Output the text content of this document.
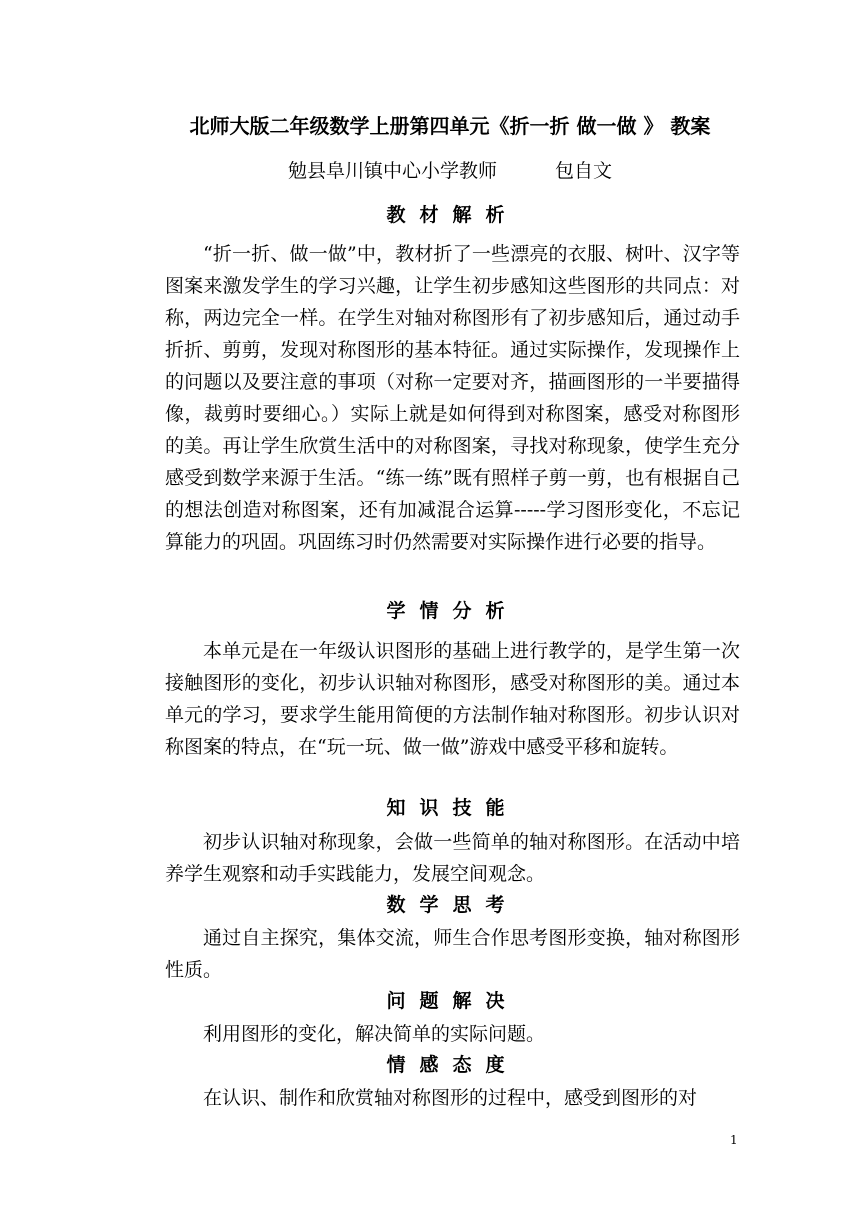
北师大版二年级数学上册第四单元《折一折 做一做 》 教案
勉县阜川镇中心小学教师	包自文
教材解析

“折一折、做一做”中，教材折了一些漂亮的衣服、树叶、汉字等图案来激发学生的学习兴趣，让学生初步感知这些图形的共同点：对称，两边完全一样。在学生对轴对称图形有了初步感知后，通过动手折折、剪剪，发现对称图形的基本特征。通过实际操作，发现操作上的问题以及要注意的事项（对称一定要对齐，描画图形的一半要描得像，裁剪时要细心。）实际上就是如何得到对称图案，感受对称图形的美。再让学生欣赏生活中的对称图案，寻找对称现象，使学生充分感受到数学来源于生活。“练一练”既有照样子剪一剪，也有根据自己的想法创造对称图案，还有加减混合运算-----学习图形变化，不忘记算能力的巩固。巩固练习时仍然需要对实际操作进行必要的指导。

学情分析

本单元是在一年级认识图形的基础上进行教学的，是学生第一次接触图形的变化，初步认识轴对称图形，感受对称图形的美。通过本单元的学习，要求学生能用简便的方法制作轴对称图形。初步认识对称图案的特点，在“玩一玩、做一做”游戏中感受平移和旋转。

知识技能

初步认识轴对称现象，会做一些简单的轴对称图形。在活动中培养学生观察和动手实践能力，发展空间观念。

数学思考

通过自主探究，集体交流，师生合作思考图形变换，轴对称图形性质。

问题解决

利用图形的变化，解决简单的实际问题。

情感态度

在认识、制作和欣赏轴对称图形的过程中，感受到图形的对

1
